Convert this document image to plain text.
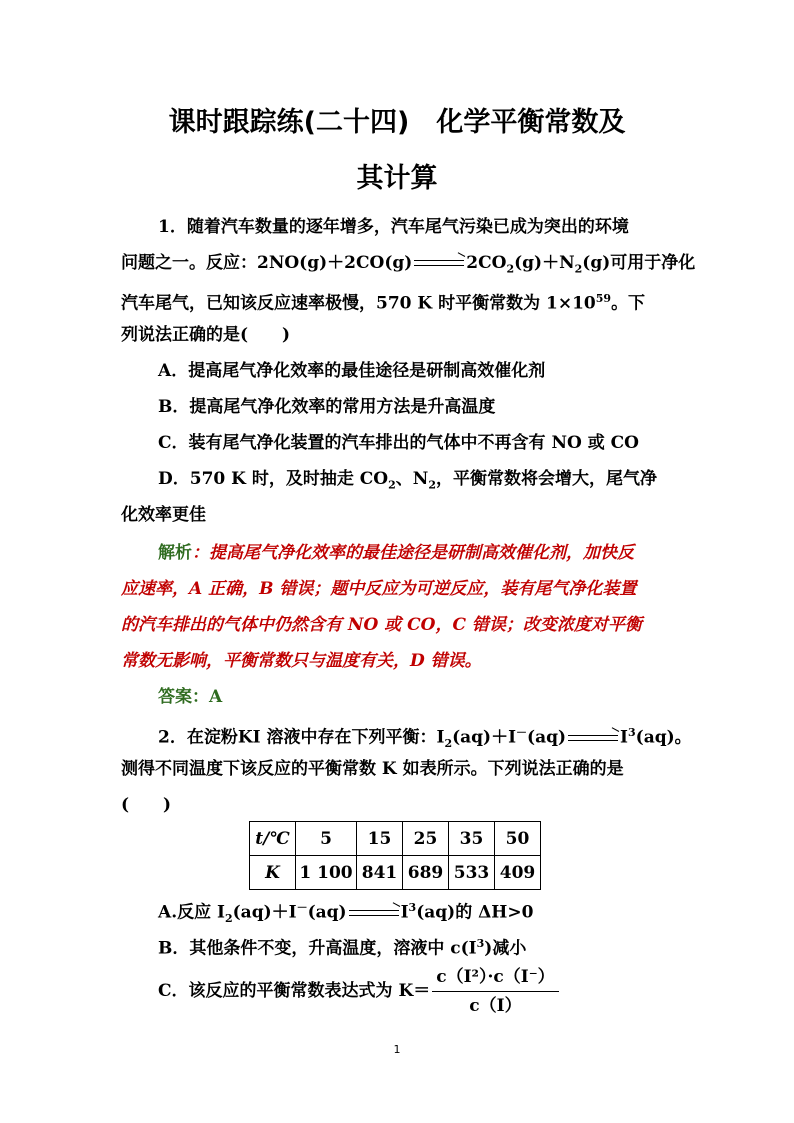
课时跟踪练(二十四)　化学平衡常数及
其计算
1．随着汽车数量的逐年增多，汽车尾气污染已成为突出的环境
问题之一。反应：$2NO(g)+2CO(g) \to 2CO_2(g)+N_2(g)$可用于净化
汽车尾气，已知该反应速率极慢，570 K 时平衡常数为 $1\times 10^{59}$。下
列说法正确的是(　　)
A．提高尾气净化效率的最佳途径是研制高效催化剂
B．提高尾气净化效率的常用方法是升高温度
C．装有尾气净化装置的汽车排出的气体中不再含有 NO 或 CO
D．570 K 时，及时抽走 $CO_2$、$N_2$，平衡常数将会增大，尾气净
化效率更佳
解析：提高尾气净化效率的最佳途径是研制高效催化剂，加快反
应速率，A 正确，B 错误；题中反应为可逆反应，装有尾气净化装置
的汽车排出的气体中仍然含有 NO 或 CO，C 错误；改变浓度对平衡
常数无影响，平衡常数只与温度有关，D 错误。
答案：A
2．在淀粉KI 溶液中存在下列平衡：$I_2(aq)+I^-(aq) \to I^3(aq)$。
测得不同温度下该反应的平衡常数 K 如表所示。下列说法正确的是
(　　)
t/℃	5	15	25	35	50
K	1 100	841	689	533	409
A.反应 $I_2(aq)+I^-(aq) \to I^3(aq)$的 ΔH>0
B．其他条件不变，升高温度，溶液中 $c(I^3)$减小
C．该反应的平衡常数表达式为 $K= \frac{\text{c（I²）·c（I⁻）}}{c(I)}$
1
